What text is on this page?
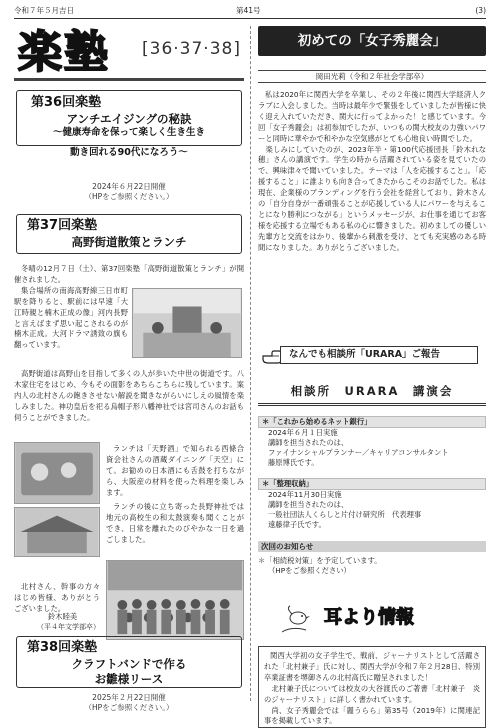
令和７年５月吉日	第41号	(3)
楽塾 [36·37·38]
第36回楽塾
アンチエイジングの秘訣
〜健康寿命を保って楽しく生き生き
動き回れる90代になろう〜
2024年６月22日開催
（HPをご参照ください。）
第37回楽塾
高野街道散策とランチ

冬晴の12月７日（土）、第37回楽塾「高野街道散策とランチ」が開催されました。

集合場所の南海高野線三日市町駅を降りると、駅前には早速「大江時親と楠木正成の像」河内長野と言えばまず思い起こされるのが楠木正成。大河ドラマ誘致の旗も翻っています。

高野街道は高野山を目指して多くの人が歩いた中世の街道です。八木家住宅をはじめ、今もその面影をあちらこちらに残しています。案内人の北村さんの飽きさせない解説を聞きながらいにしえの風情を楽しみました。神功皇后を祀る烏帽子形八幡神社では宮司さんのお話も伺うことができました。

ランチは「天野酒」で知られる西條合資会社さんの酒蔵ダイニング「天空」にて。お勧めの日本酒にも舌鼓を打ちながら、大阪産の材料を使った料理を楽しみます。

ランチの後に立ち寄った長野神社では地元の高校生の和太鼓演奏も聞くことができ、日常を離れたのびやかな一日を過ごしました。

北村さん、幹事の方々はじめ皆様、ありがとうございました。

鈴木睦美
（平４年文学部卒）
第38回楽塾
クラフトバンドで作る
お雛様リース
2025年２月22日開催
（HPをご参照ください。）
初めての「女子秀麗会」
岡田光莉（令和２年社会学部卒）

私は2020年に関西大学を卒業し、その２年後に関西大学経済人クラブに入会しました。当時は最年少で緊張をしていましたが皆様に快く迎え入れていただき、関大に行ってよかった！と感じています。今回「女子秀麗会」は初参加でしたが、いつもの関大校友の力強いパワーと同時に華やかで和やかな空気感がとても心地良い時間でした。
　楽しみにしていたのが、2023年半・第100代応援団長「鈴木れな穂」さんの講演です。学生の時から活躍されている姿を見ていたので、興味津々で聞いていました。テーマは「人を応援すること」。「応援すること」に誰よりも向き合ってきたからこそのお話でした。私は現在、企業様のブランディングを行う会社を経営しており、鈴木さんの「自分自身が一番頑張ることが応援している人にパワーを与えることになり勝利につながる」というメッセージが、お仕事を通じてお客様を応援する立場でもある私の心に響きました。初めましての優しい先輩方と交流をはかり、後輩から刺激を受け、とても充実感のある時間になりました。ありがとうございました。

なんでも相談所「URARA」ご報告
相談所　URARA　講演会
＊「これから始めるネット銀行」
2024年６月１日実施
講師を担当されたのは、
ファイナンシャルプランナー／キャリアコンサルタント
藤原博氏です。
＊「整理収納」
2024年11月30日実施
講師を担当されたのは、
一般社団法人くらしと片付け研究所　代表理事
遠藤律子氏です。
次回のお知らせ
＊「相続税対策」を予定しています。
（HPをご参照ください）
耳より情報

関西大学初の女子学生で、戦前、ジャーナリストとして活躍された「北村兼子」氏に対し、関西大学が令和７年２月28日、特別卒業証書を堺御さんの北村高氏に贈呈されました！
　北村兼子氏については校友の大谷渡氏のご著書「北村兼子　炎のジャーナリスト」に詳しく書かれています。
　尚、女子秀麗会では「麗うらら」第35号（2019年）に関連記事を掲載しています。
